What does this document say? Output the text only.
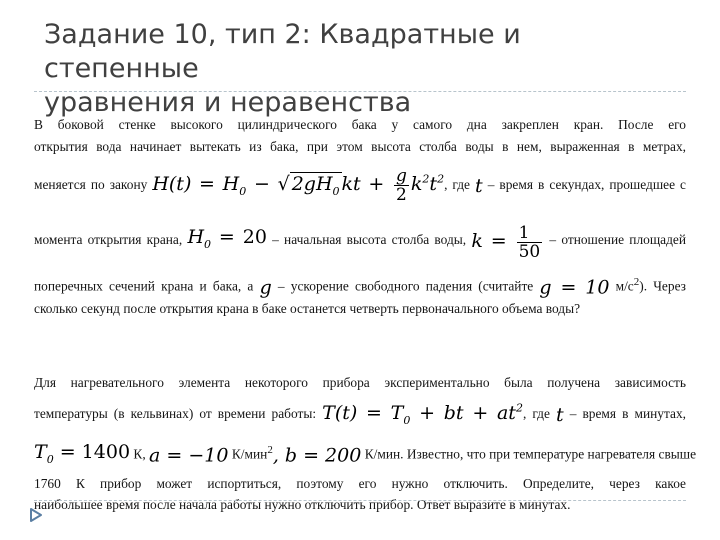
Задание 10, тип 2: Квадратные и степенные
уравнения и неравенства
В боковой стенке высокого цилиндрического бака у самого дна закреплен кран. После его
открытия вода начинает вытекать из бака, при этом высота столба воды в нем, выраженная в метрах,
меняется по закону $H(t) = H_0$ − √ $2gH_0$ kt + $\frac{g}{2} k^2t^2$, где t – время в секундах, прошедшее с
момента открытия крана, $H_0 = 20$ – начальная высота столба воды, $k = \frac{1}{50}$ – отношение площадей
поперечных сечений крана и бака, а g – ускорение свободного падения (считайте g = 10 $м/с^2$). Через
сколько секунд после открытия крана в баке останется четверть первоначального объема воды?
Для нагревательного элемента некоторого прибора экспериментально была получена зависимость
температуры (в кельвинах) от времени работы: $T(t) = T_0$ + bt + $at^2$, где t – время в минутах,
$T_0 = 1400$ К, a = −10 К/мин$^2$, b = 200 К/мин. Известно, что при температуре нагревателя свыше
1760 К прибор может испортиться, поэтому его нужно отключить. Определите, через какое
наибольшее время после начала работы нужно отключить прибор. Ответ выразите в минутах.
